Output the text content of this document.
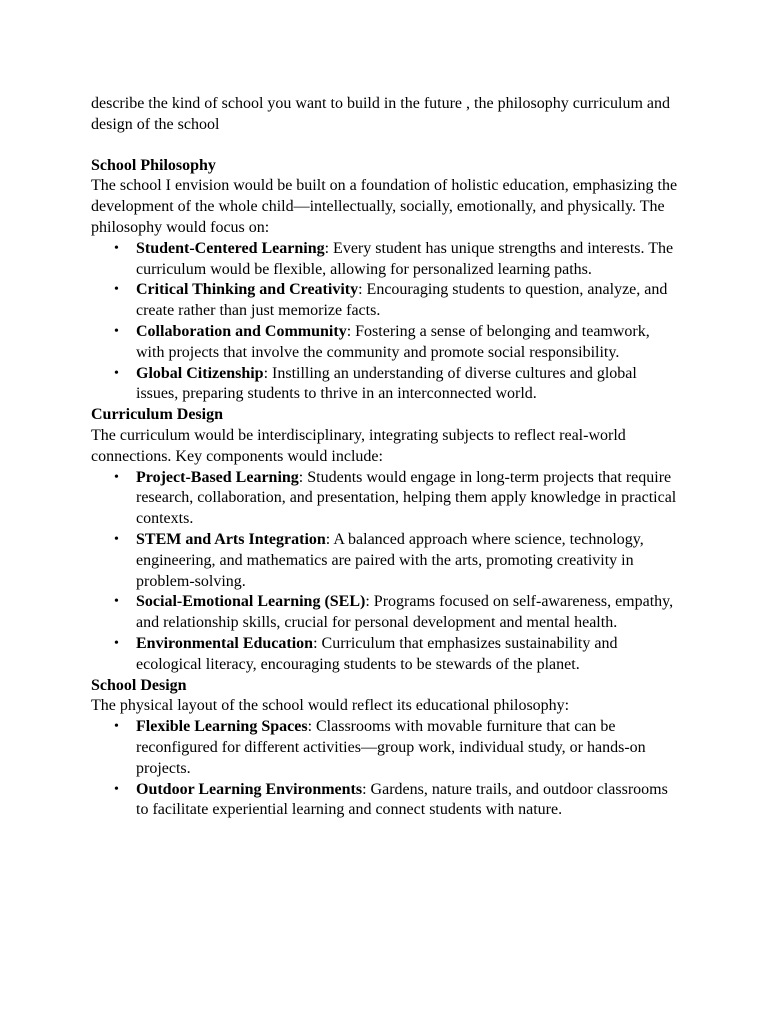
describe the kind of school you want to build in the future , the philosophy curriculum and design of the school

School Philosophy

The school I envision would be built on a foundation of holistic education, emphasizing the development of the whole child—intellectually, socially, emotionally, and physically. The philosophy would focus on:

• Student-Centered Learning: Every student has unique strengths and interests. The curriculum would be flexible, allowing for personalized learning paths.
• Critical Thinking and Creativity: Encouraging students to question, analyze, and create rather than just memorize facts.
• Collaboration and Community: Fostering a sense of belonging and teamwork, with projects that involve the community and promote social responsibility.
• Global Citizenship: Instilling an understanding of diverse cultures and global issues, preparing students to thrive in an interconnected world.

Curriculum Design

The curriculum would be interdisciplinary, integrating subjects to reflect real-world connections. Key components would include:

• Project-Based Learning: Students would engage in long-term projects that require research, collaboration, and presentation, helping them apply knowledge in practical contexts.
• STEM and Arts Integration: A balanced approach where science, technology, engineering, and mathematics are paired with the arts, promoting creativity in problem-solving.
• Social-Emotional Learning (SEL): Programs focused on self-awareness, empathy, and relationship skills, crucial for personal development and mental health.
• Environmental Education: Curriculum that emphasizes sustainability and ecological literacy, encouraging students to be stewards of the planet.

School Design

The physical layout of the school would reflect its educational philosophy:

• Flexible Learning Spaces: Classrooms with movable furniture that can be reconfigured for different activities—group work, individual study, or hands-on projects.
• Outdoor Learning Environments: Gardens, nature trails, and outdoor classrooms to facilitate experiential learning and connect students with nature.
